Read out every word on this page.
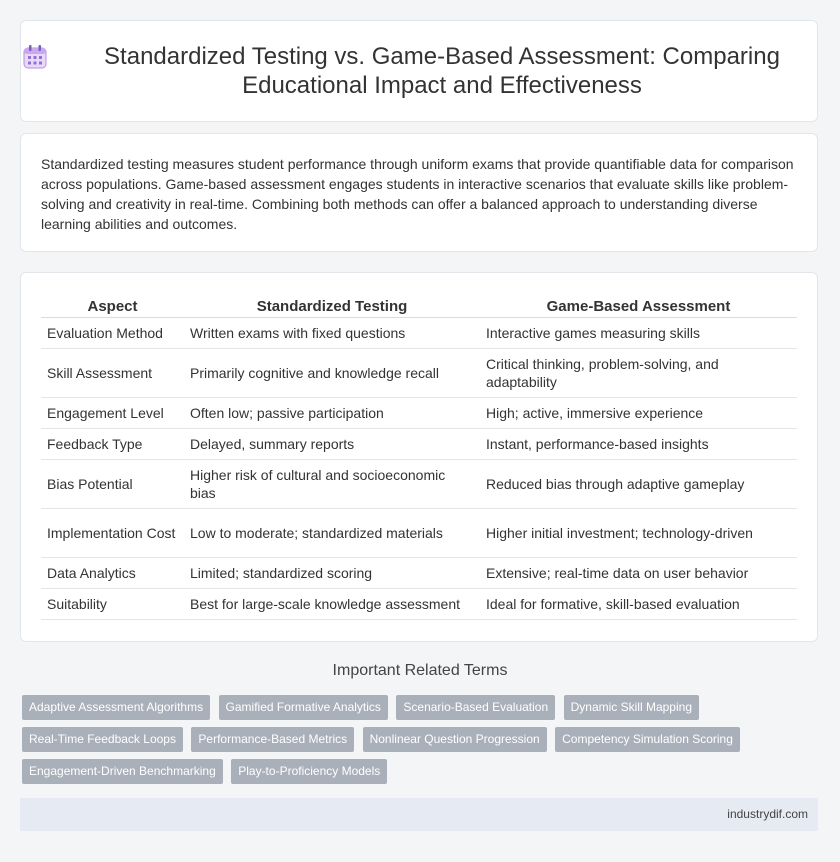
Standardized Testing vs. Game-Based Assessment: Comparing Educational Impact and Effectiveness

Standardized testing measures student performance through uniform exams that provide quantifiable data for comparison across populations. Game-based assessment engages students in interactive scenarios that evaluate skills like problem-solving and creativity in real-time. Combining both methods can offer a balanced approach to understanding diverse learning abilities and outcomes.

Aspect	Standardized Testing	Game-Based Assessment
Evaluation Method	Written exams with fixed questions	Interactive games measuring skills
Skill Assessment	Primarily cognitive and knowledge recall	Critical thinking, problem-solving, and adaptability
Engagement Level	Often low; passive participation	High; active, immersive experience
Feedback Type	Delayed, summary reports	Instant, performance-based insights
Bias Potential	Higher risk of cultural and socioeconomic bias	Reduced bias through adaptive gameplay
Implementation Cost	Low to moderate; standardized materials	Higher initial investment; technology-driven
Data Analytics	Limited; standardized scoring	Extensive; real-time data on user behavior
Suitability	Best for large-scale knowledge assessment	Ideal for formative, skill-based evaluation
Important Related Terms
Adaptive Assessment Algorithms Gamified Formative Analytics Scenario-Based Evaluation Dynamic Skill Mapping Real-Time Feedback Loops Performance-Based Metrics Nonlinear Question Progression Competency Simulation Scoring Engagement-Driven Benchmarking Play-to-Proficiency Models
industrydif.com
